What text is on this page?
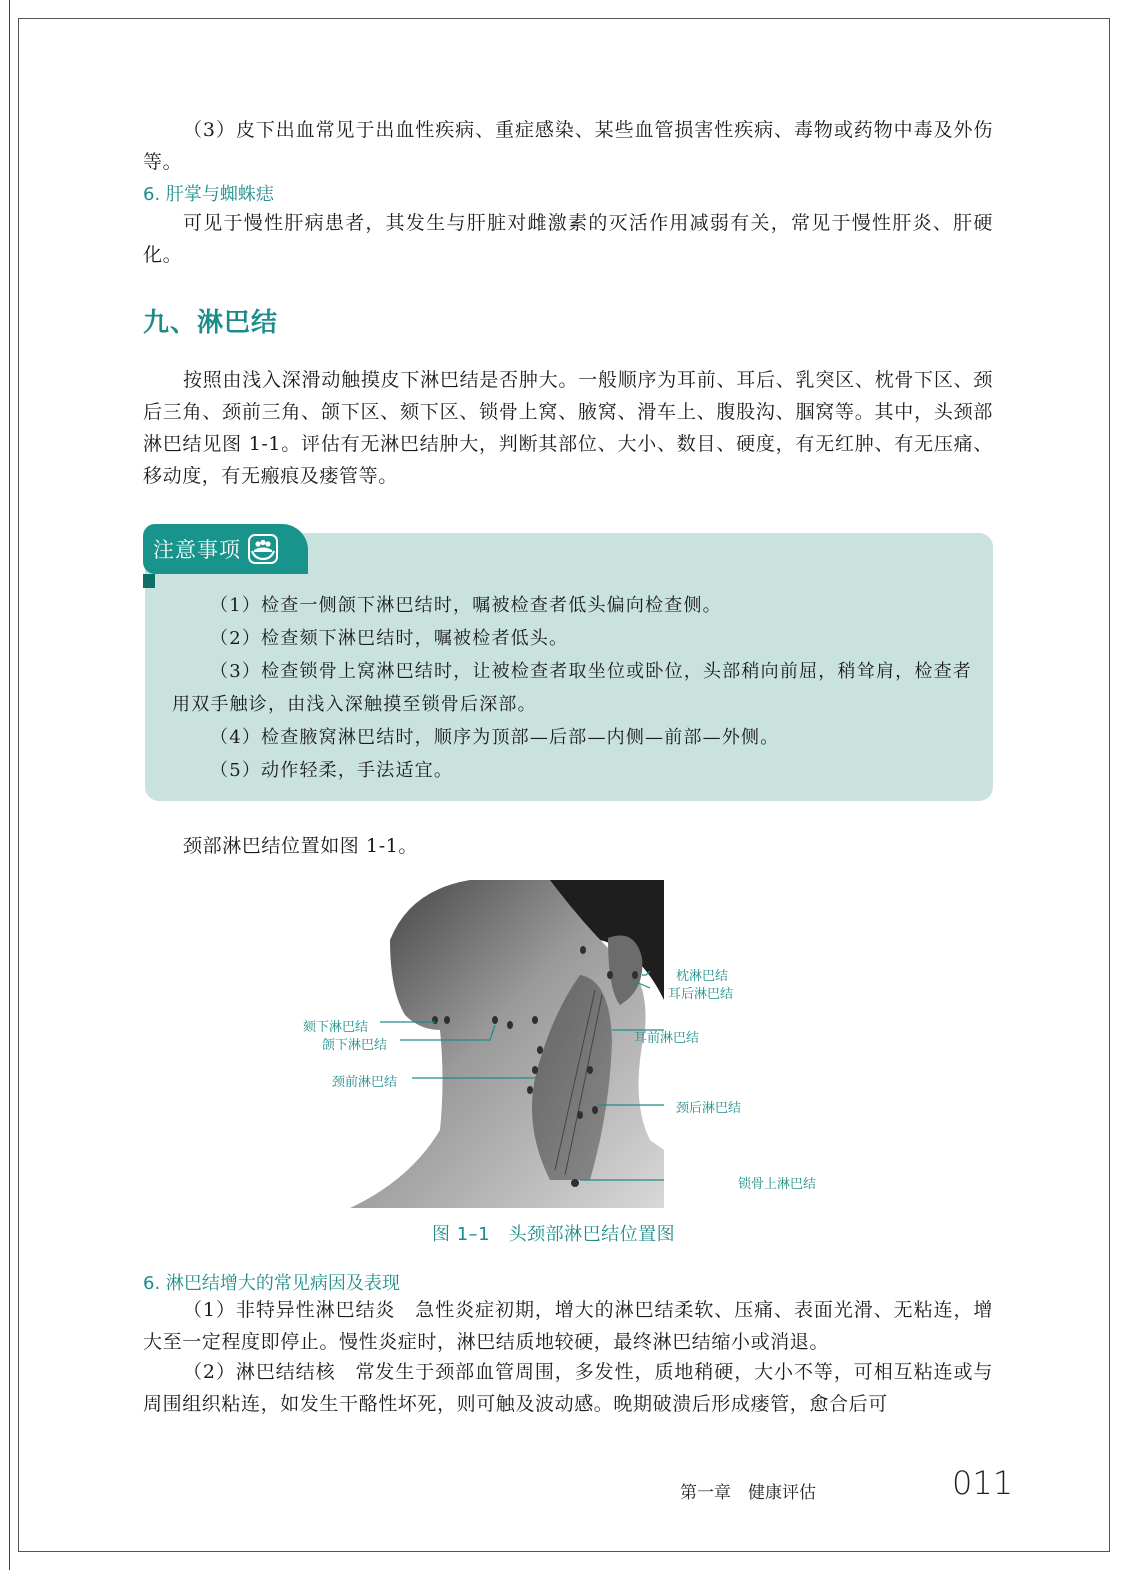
（3）皮下出血常见于出血性疾病、重症感染、某些血管损害性疾病、毒物或药物中毒及外伤等。

6. 肝掌与蜘蛛痣

可见于慢性肝病患者，其发生与肝脏对雌激素的灭活作用减弱有关，常见于慢性肝炎、肝硬化。

九、淋巴结

按照由浅入深滑动触摸皮下淋巴结是否肿大。一般顺序为耳前、耳后、乳突区、枕骨下区、颈后三角、颈前三角、颌下区、颏下区、锁骨上窝、腋窝、滑车上、腹股沟、腘窝等。其中，头颈部淋巴结见图 1-1。评估有无淋巴结肿大，判断其部位、大小、数目、硬度，有无红肿、有无压痛、移动度，有无瘢痕及瘘管等。

注意事项

（1）检查一侧颌下淋巴结时，嘱被检查者低头偏向检查侧。

（2）检查颏下淋巴结时，嘱被检者低头。

（3）检查锁骨上窝淋巴结时，让被检查者取坐位或卧位，头部稍向前屈，稍耸肩，检查者用双手触诊，由浅入深触摸至锁骨后深部。

（4）检查腋窝淋巴结时，顺序为顶部—后部—内侧—前部—外侧。

（5）动作轻柔，手法适宜。

颈部淋巴结位置如图 1-1。

枕淋巴结
耳后淋巴结
耳前淋巴结
颈后淋巴结
锁骨上淋巴结
颏下淋巴结
颌下淋巴结
颈前淋巴结
图 1–1　头颈部淋巴结位置图

6. 淋巴结增大的常见病因及表现

（1）非特异性淋巴结炎　急性炎症初期，增大的淋巴结柔软、压痛、表面光滑、无粘连，增大至一定程度即停止。慢性炎症时，淋巴结质地较硬，最终淋巴结缩小或消退。

（2）淋巴结结核　常发生于颈部血管周围，多发性，质地稍硬，大小不等，可相互粘连或与周围组织粘连，如发生干酪性坏死，则可触及波动感。晚期破溃后形成瘘管，愈合后可

第一章　健康评估	011
